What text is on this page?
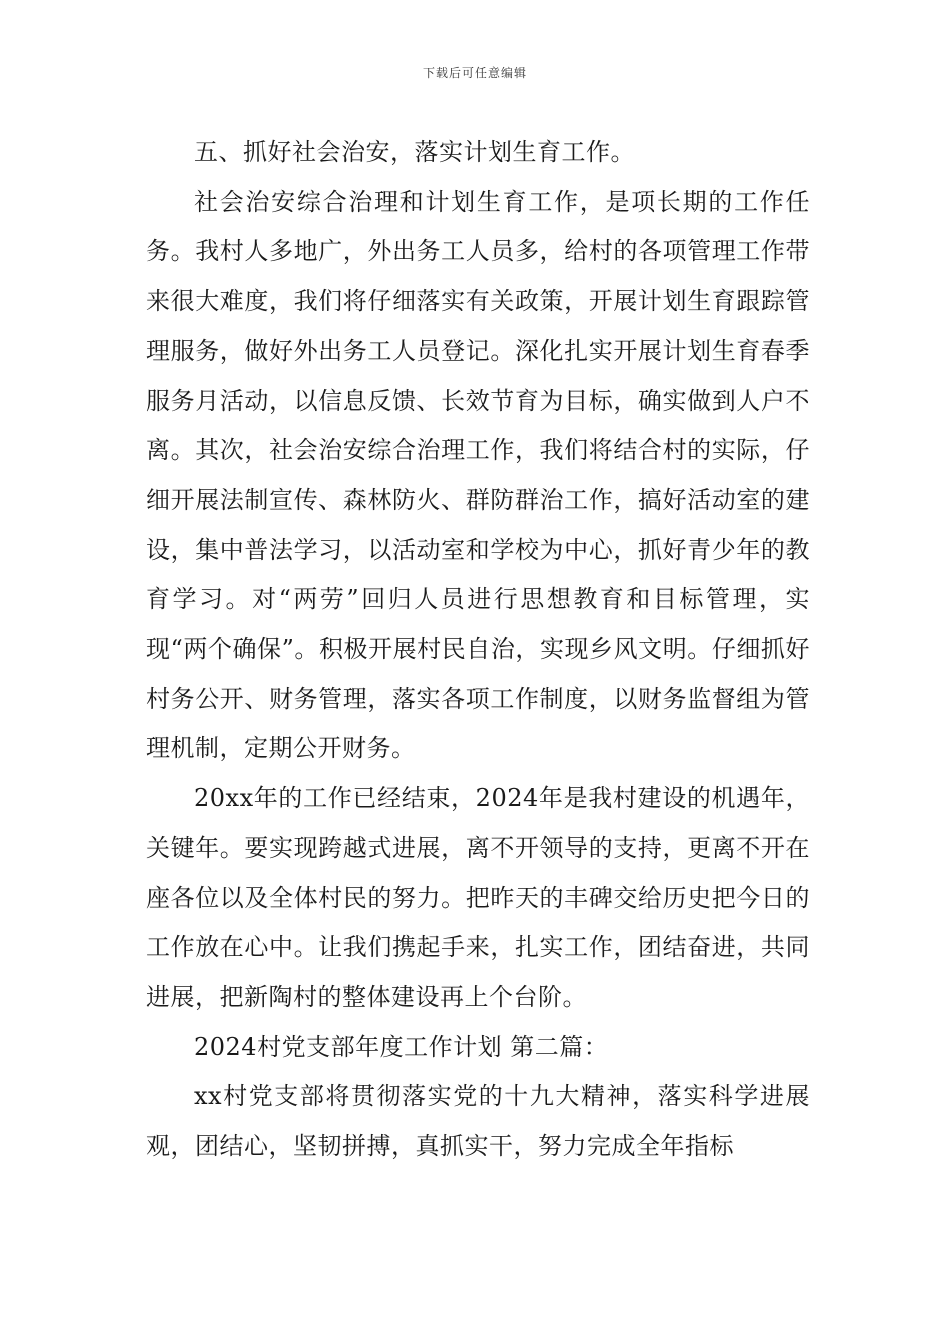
下载后可任意编辑

五、抓好社会治安，落实计划生育工作。

社会治安综合治理和计划生育工作，是项长期的工作任务。我村人多地广，外出务工人员多，给村的各项管理工作带来很大难度，我们将仔细落实有关政策，开展计划生育跟踪管理服务，做好外出务工人员登记。深化扎实开展计划生育春季服务月活动，以信息反馈、长效节育为目标，确实做到人户不离。其次，社会治安综合治理工作，我们将结合村的实际，仔细开展法制宣传、森林防火、群防群治工作，搞好活动室的建设，集中普法学习，以活动室和学校为中心，抓好青少年的教育学习。对“两劳”回归人员进行思想教育和目标管理，实现“两个确保”。积极开展村民自治，实现乡风文明。仔细抓好村务公开、财务管理，落实各项工作制度，以财务监督组为管理机制，定期公开财务。

20xx年的工作已经结束，2024年是我村建设的机遇年，关键年。要实现跨越式进展，离不开领导的支持，更离不开在座各位以及全体村民的努力。把昨天的丰碑交给历史把今日的工作放在心中。让我们携起手来，扎实工作，团结奋进，共同进展，把新陶村的整体建设再上个台阶。

2024村党支部年度工作计划 第二篇：

xx村党支部将贯彻落实党的十九大精神，落实科学进展观，团结心，坚韧拼搏，真抓实干，努力完成全年指标
